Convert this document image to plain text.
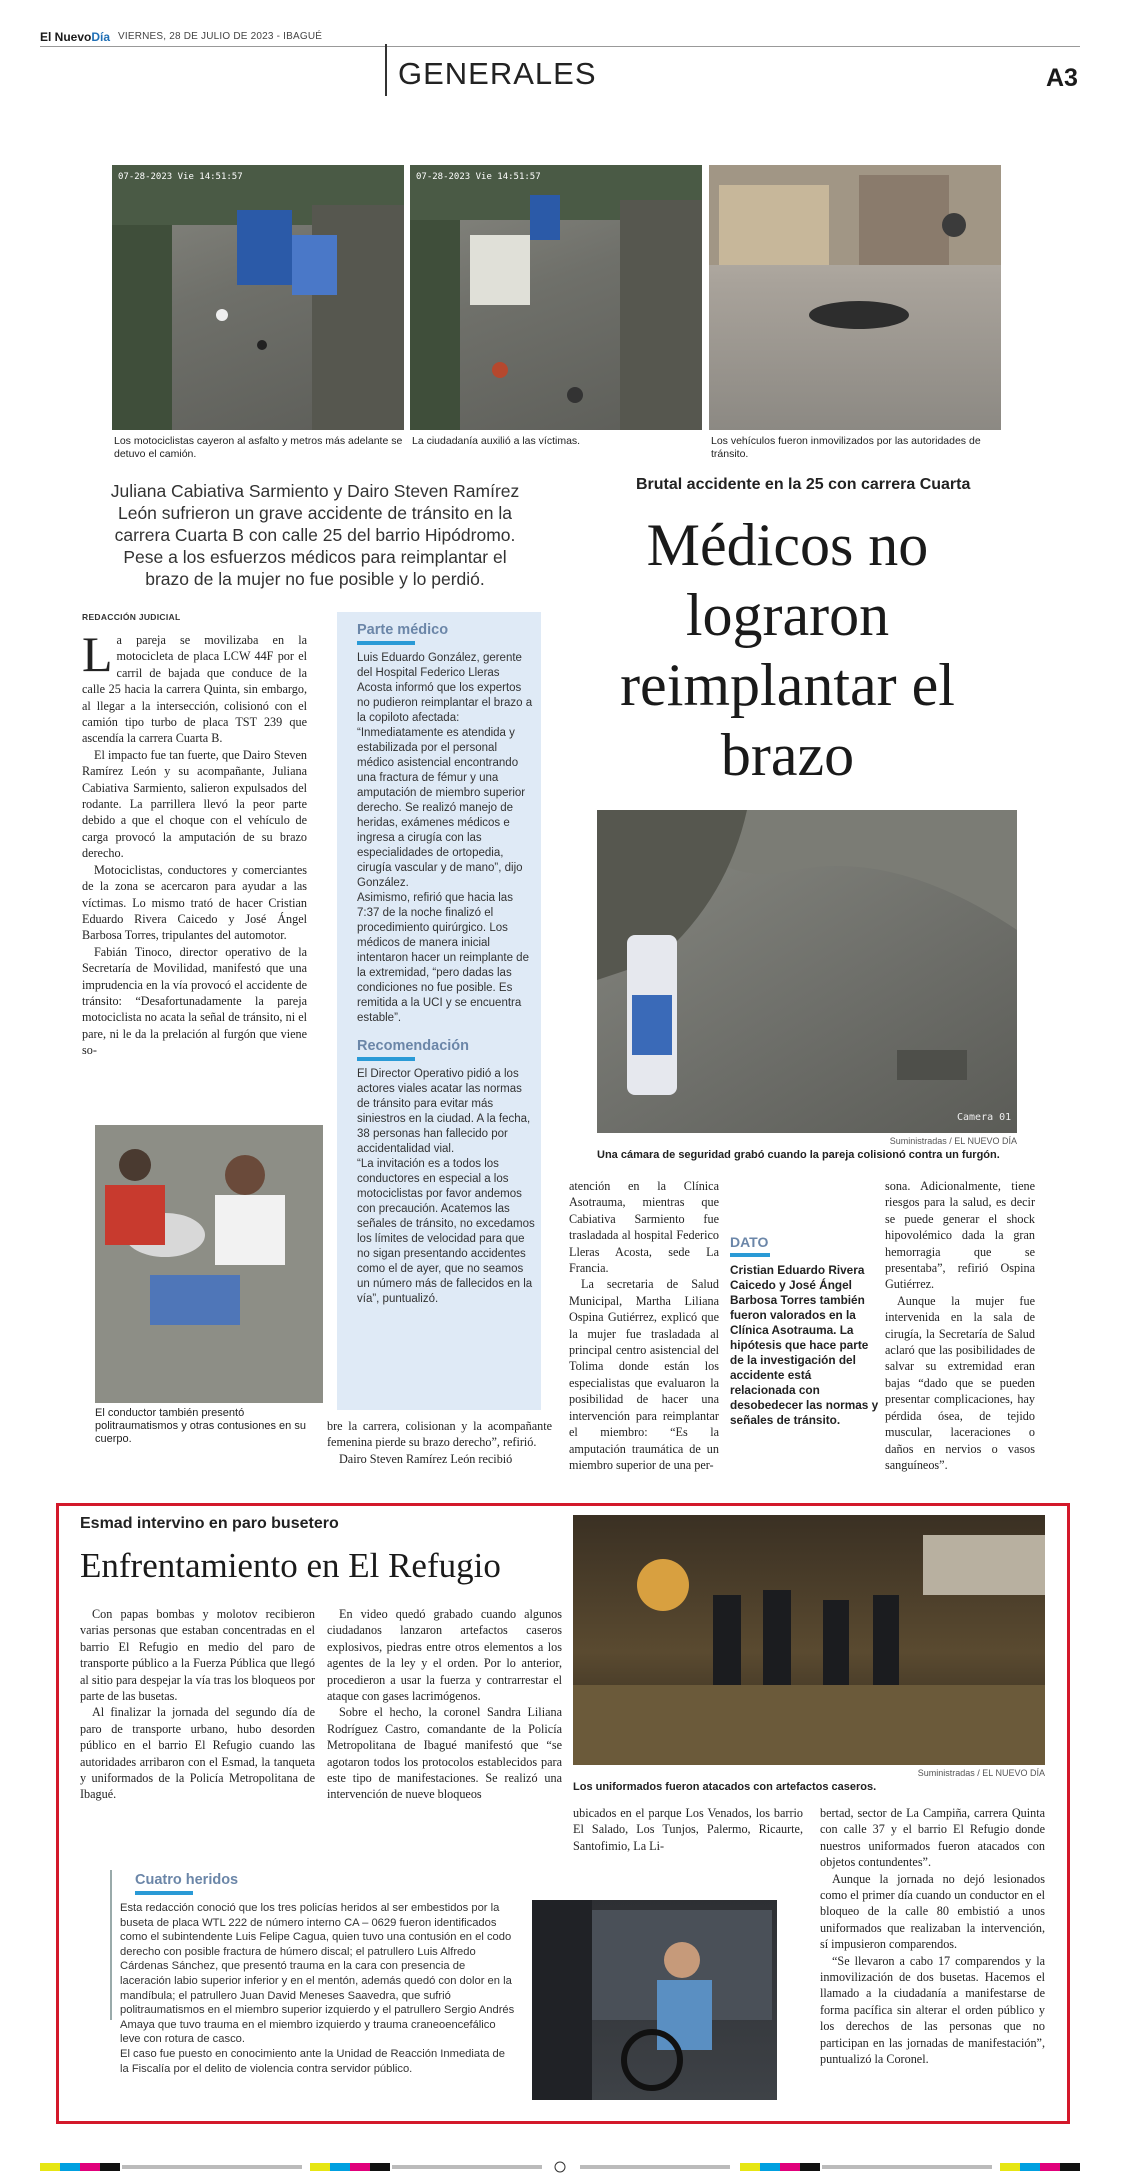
El NuevoDía VIERNES, 28 DE JULIO DE 2023 - IBAGUÉ
GENERALES	A3
07-28-2023 Vie 14:51:57
Los motociclistas cayeron al asfalto y metros más adelante se detuvo el camión.
07-28-2023 Vie 14:51:57
La ciudadanía auxilió a las víctimas.	Los vehículos fueron inmovilizados por las autoridades de tránsito.
Juliana Cabiativa Sarmiento y Dairo Steven Ramírez León sufrieron un grave accidente de tránsito en la carrera Cuarta B con calle 25 del barrio Hipódromo. Pese a los esfuerzos médicos para reimplantar el brazo de la mujer no fue posible y lo perdió.
Brutal accidente en la 25 con carrera Cuarta
Médicos no lograron reimplantar el brazo
REDACCIÓN JUDICIAL

La pareja se movilizaba en la motocicleta de placa LCW 44F por el carril de bajada que conduce de la calle 25 hacia la carrera Quinta, sin embargo, al llegar a la intersección, colisionó con el camión tipo turbo de placa TST 239 que ascendía la carrera Cuarta B.

El impacto fue tan fuerte, que Dairo Steven Ramírez León y su acompañante, Juliana Cabiativa Sarmiento, salieron expulsados del rodante. La parrillera llevó la peor parte debido a que el choque con el vehículo de carga provocó la amputación de su brazo derecho.

Motociclistas, conductores y comerciantes de la zona se acercaron para ayudar a las víctimas. Lo mismo trató de hacer Cristian Eduardo Rivera Caicedo y José Ángel Barbosa Torres, tripulantes del automotor.

Fabián Tinoco, director operativo de la Secretaría de Movilidad, manifestó que una imprudencia en la vía provocó el accidente de tránsito: “Desafortunadamente la pareja motociclista no acata la señal de tránsito, ni el pare, ni le da la prelación al furgón que viene so-

El conductor también presentó politraumatismos y otras contusiones en su cuerpo.
Parte médico
Luis Eduardo González, gerente del Hospital Federico Lleras Acosta informó que los expertos no pudieron reimplantar el brazo a la copiloto afectada: “Inmediatamente es atendida y estabilizada por el personal médico asistencial encontrando una fractura de fémur y una amputación de miembro superior derecho. Se realizó manejo de heridas, exámenes médicos e ingresa a cirugía con las especialidades de ortopedia, cirugía vascular y de mano”, dijo González.
Asimismo, refirió que hacia las 7:37 de la noche finalizó el procedimiento quirúrgico. Los médicos de manera inicial intentaron hacer un reimplante de la extremidad, “pero dadas las condiciones no fue posible. Es remitida a la UCI y se encuentra estable”.
Recomendación
El Director Operativo pidió a los actores viales acatar las normas de tránsito para evitar más siniestros en la ciudad. A la fecha, 38 personas han fallecido por accidentalidad vial.
“La invitación es a todos los conductores en especial a los motociclistas por favor andemos con precaución. Acatemos las señales de tránsito, no excedamos los límites de velocidad para que no sigan presentando accidentes como el de ayer, que no seamos un número más de fallecidos en la vía”, puntualizó.

bre la carrera, colisionan y la acompañante femenina pierde su brazo derecho”, refirió.

Dairo Steven Ramírez León recibió

Camera 01
Suministradas / EL NUEVO DÍA
Una cámara de seguridad grabó cuando la pareja colisionó contra un furgón.

atención en la Clínica Asotrauma, mientras que Cabiativa Sarmiento fue trasladada al hospital Federico Lleras Acosta, sede La Francia.

La secretaria de Salud Municipal, Martha Liliana Ospina Gutiérrez, explicó que la mujer fue trasladada al principal centro asistencial del Tolima donde están los especialistas que evaluaron la posibilidad de hacer una intervención para reimplantar el miembro: “Es la amputación traumática de un miembro superior de una per-

DATO
Cristian Eduardo Rivera Caicedo y José Ángel Barbosa Torres también fueron valorados en la Clínica Asotrauma. La hipótesis que hace parte de la investigación del accidente está relacionada con desobedecer las normas y señales de tránsito.

sona. Adicionalmente, tiene riesgos para la salud, es decir se puede generar el shock hipovolémico dada la gran hemorragia que se presentaba”, refirió Ospina Gutiérrez.

Aunque la mujer fue intervenida en la sala de cirugía, la Secretaría de Salud aclaró que las posibilidades de salvar su extremidad eran bajas “dado que se pueden presentar complicaciones, hay pérdida ósea, de tejido muscular, laceraciones o daños en nervios o vasos sanguíneos”.

Esmad intervino en paro busetero
Enfrentamiento en El Refugio

Con papas bombas y molotov recibieron varias personas que estaban concentradas en el barrio El Refugio en medio del paro de transporte público a la Fuerza Pública que llegó al sitio para despejar la vía tras los bloqueos por parte de las busetas.

Al finalizar la jornada del segundo día de paro de transporte urbano, hubo desorden público en el barrio El Refugio cuando las autoridades arribaron con el Esmad, la tanqueta y uniformados de la Policía Metropolitana de Ibagué.

En video quedó grabado cuando algunos ciudadanos lanzaron artefactos caseros explosivos, piedras entre otros elementos a los agentes de la ley y el orden. Por lo anterior, procedieron a usar la fuerza y contrarrestar el ataque con gases lacrimógenos.

Sobre el hecho, la coronel Sandra Liliana Rodríguez Castro, comandante de la Policía Metropolitana de Ibagué manifestó que “se agotaron todos los protocolos establecidos para este tipo de manifestaciones. Se realizó una intervención de nueve bloqueos

Suministradas / EL NUEVO DÍA
Los uniformados fueron atacados con artefactos caseros.

ubicados en el parque Los Venados, los barrio El Salado, Los Tunjos, Palermo, Ricaurte, Santofimio, La Li-

bertad, sector de La Campiña, carrera Quinta con calle 37 y el barrio El Refugio donde nuestros uniformados fueron atacados con objetos contundentes”.

Aunque la jornada no dejó lesionados como el primer día cuando un conductor en el bloqueo de la calle 80 embistió a unos uniformados que realizaban la intervención, sí impusieron comparendos.

“Se llevaron a cabo 17 comparendos y la inmovilización de dos busetas. Hacemos el llamado a la ciudadanía a manifestarse de forma pacífica sin alterar el orden público y los derechos de las personas que no participan en las jornadas de manifestación”, puntualizó la Coronel.

Cuatro heridos
Esta redacción conoció que los tres policías heridos al ser embestidos por la buseta de placa WTL 222 de número interno CA – 0629 fueron identificados como el subintendente Luis Felipe Cagua, quien tuvo una contusión en el codo derecho con posible fractura de húmero discal; el patrullero Luis Alfredo Cárdenas Sánchez, que presentó trauma en la cara con presencia de laceración labio superior inferior y en el mentón, además quedó con dolor en la mandíbula; el patrullero Juan David Meneses Saavedra, que sufrió politraumatismos en el miembro superior izquierdo y el patrullero Sergio Andrés Amaya que tuvo trauma en el miembro izquierdo y trauma craneoencefálico leve con rotura de casco.
El caso fue puesto en conocimiento ante la Unidad de Reacción Inmediata de la Fiscalía por el delito de violencia contra servidor público.
